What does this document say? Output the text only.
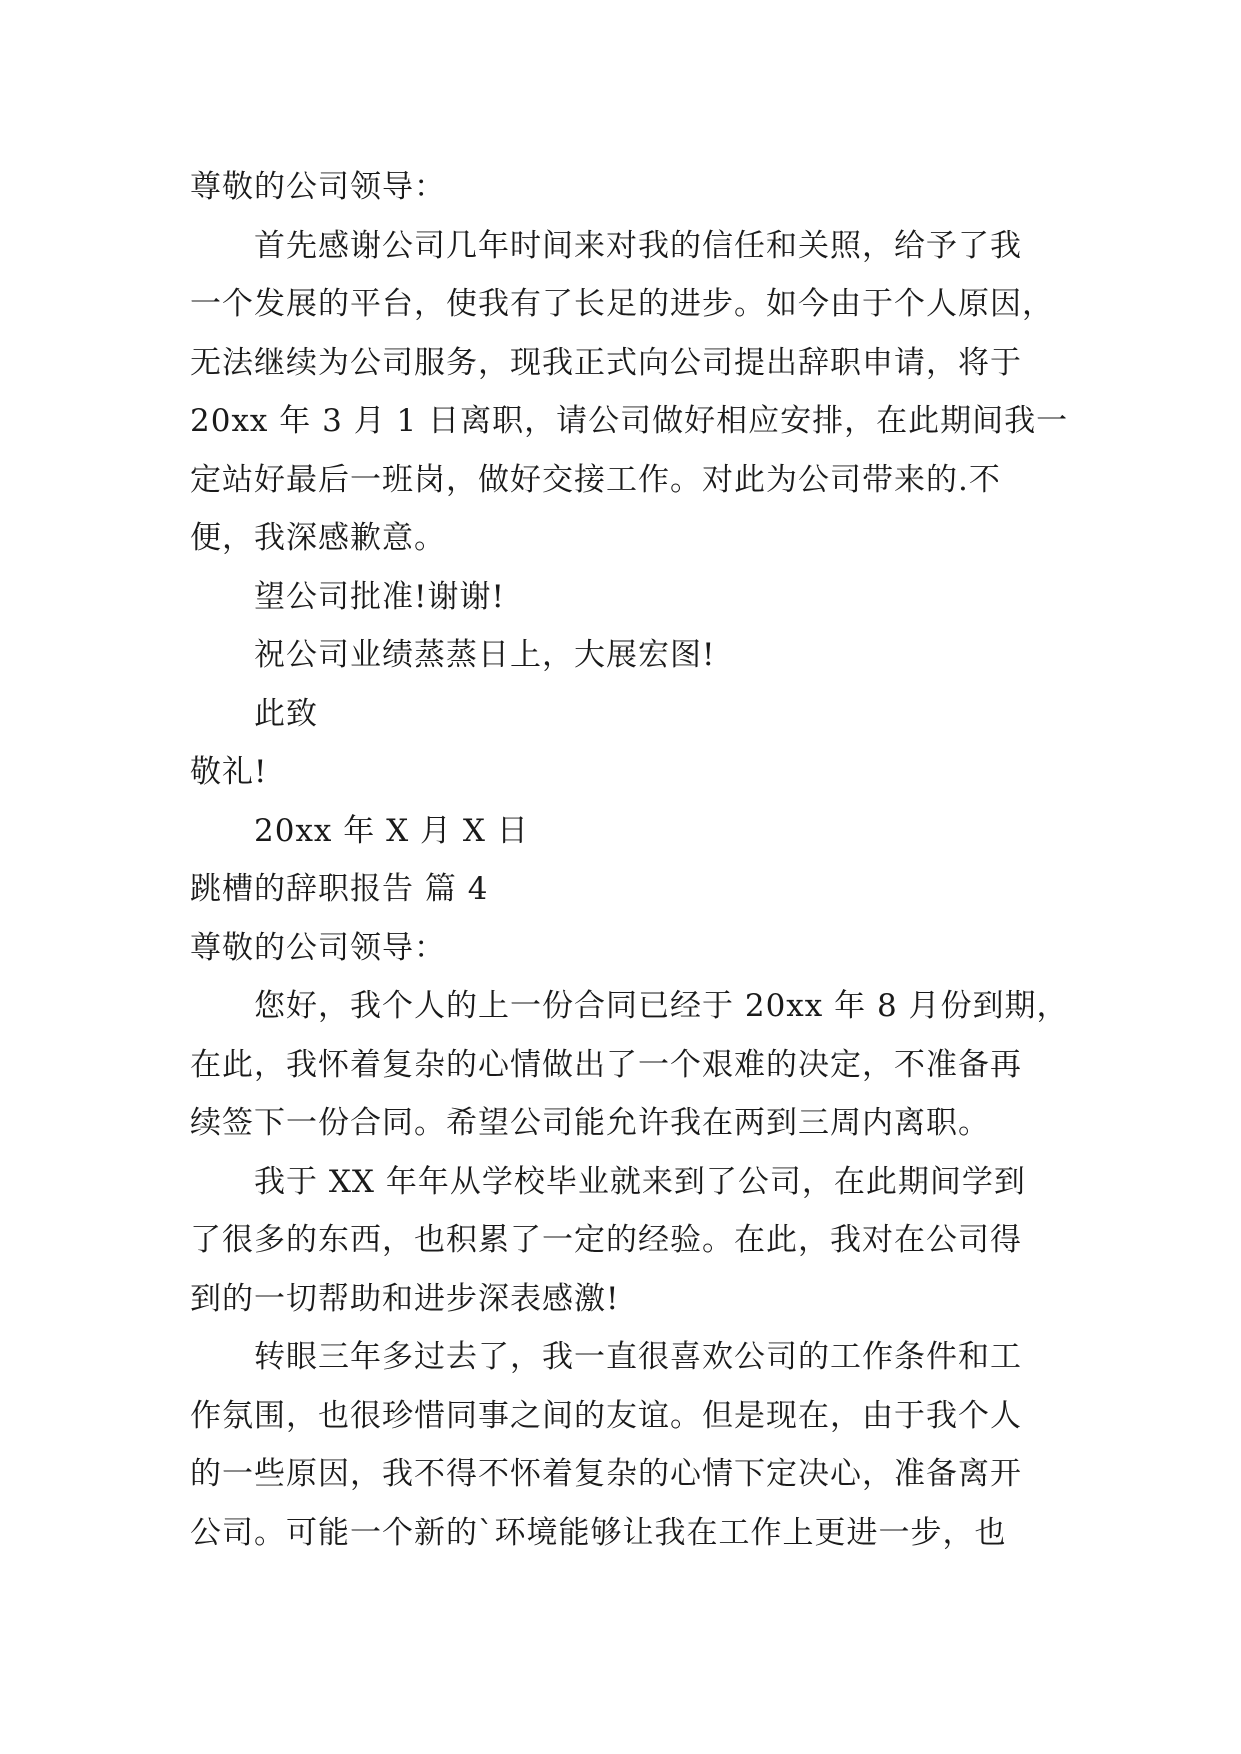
尊敬的公司领导：
首先感谢公司几年时间来对我的信任和关照，给予了我
一个发展的平台，使我有了长足的进步。如今由于个人原因，
无法继续为公司服务，现我正式向公司提出辞职申请，将于
20xx 年 3 月 1 日离职，请公司做好相应安排，在此期间我一
定站好最后一班岗，做好交接工作。对此为公司带来的.不
便，我深感歉意。
望公司批准!谢谢!
祝公司业绩蒸蒸日上，大展宏图!
此致
敬礼!
20xx 年 X 月 X 日
跳槽的辞职报告 篇 4
尊敬的公司领导：
您好，我个人的上一份合同已经于 20xx 年 8 月份到期，
在此，我怀着复杂的心情做出了一个艰难的决定，不准备再
续签下一份合同。希望公司能允许我在两到三周内离职。
我于 XX 年年从学校毕业就来到了公司，在此期间学到
了很多的东西，也积累了一定的经验。在此，我对在公司得
到的一切帮助和进步深表感激!
转眼三年多过去了，我一直很喜欢公司的工作条件和工
作氛围，也很珍惜同事之间的友谊。但是现在，由于我个人
的一些原因，我不得不怀着复杂的心情下定决心，准备离开
公司。可能一个新的`环境能够让我在工作上更进一步，也
